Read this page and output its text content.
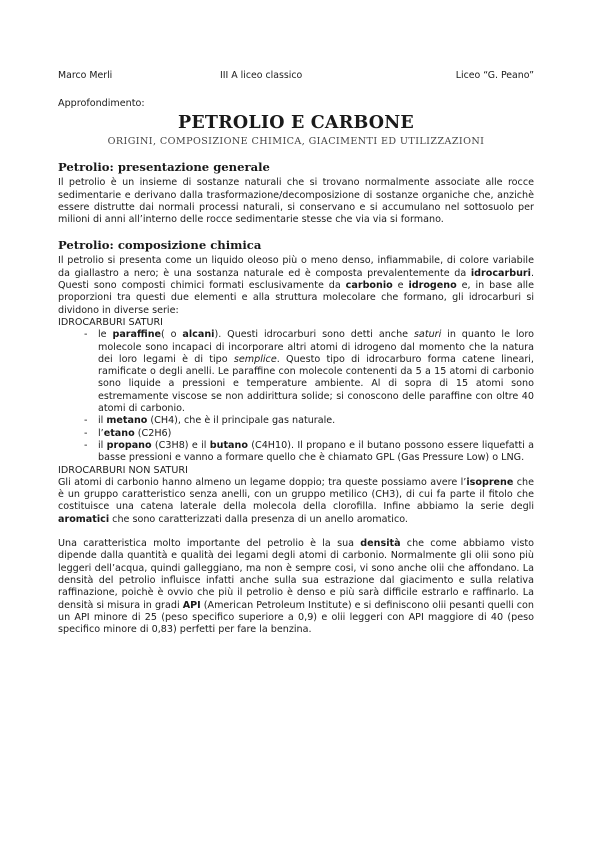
Marco Merli	III A liceo classico	Liceo “G. Peano”

Approfondimento:

PETROLIO E CARBONE
ORIGINI, COMPOSIZIONE CHIMICA, GIACIMENTI ED UTILIZZAZIONI
Petrolio: presentazione generale

Il petrolio è un insieme di sostanze naturali che si trovano normalmente associate alle rocce sedimentarie e derivano dalla trasformazione/decomposizione di sostanze organiche che, anzichè essere distrutte dai normali processi naturali, si conservano e si accumulano nel sottosuolo per milioni di anni all’interno delle rocce sedimentarie stesse che via via si formano.

Petrolio: composizione chimica

Il petrolio si presenta come un liquido oleoso più o meno denso, infiammabile, di colore variabile da giallastro a nero; è una sostanza naturale ed è composta prevalentemente da idrocarburi. Questi sono composti chimici formati esclusivamente da carbonio e idrogeno e, in base alle proporzioni tra questi due elementi e alla struttura molecolare che formano, gli idrocarburi si dividono in diverse serie:

IDROCARBURI SATURI

- le paraffine( o alcani). Questi idrocarburi sono detti anche saturi in quanto le loro molecole sono incapaci di incorporare altri atomi di idrogeno dal momento che la natura dei loro legami è di tipo semplice. Questo tipo di idrocarburo forma catene lineari, ramificate o degli anelli. Le paraffine con molecole contenenti da 5 a 15 atomi di carbonio sono liquide a pressioni e temperature ambiente. Al di sopra di 15 atomi sono estremamente viscose se non addirittura solide; si conoscono delle paraffine con oltre 40 atomi di carbonio.
- il metano (CH4), che è il principale gas naturale.
- l’etano (C2H6)
- il propano (C3H8) e il butano (C4H10). Il propano e il butano possono essere liquefatti a basse pressioni e vanno a formare quello che è chiamato GPL (Gas Pressure Low) o LNG.

IDROCARBURI NON SATURI

Gli atomi di carbonio hanno almeno un legame doppio; tra queste possiamo avere l’isoprene che è un gruppo caratteristico senza anelli, con un gruppo metilico (CH3), di cui fa parte il fitolo che costituisce una catena laterale della molecola della clorofilla. Infine abbiamo la serie degli aromatici che sono caratterizzati dalla presenza di un anello aromatico.

Una caratteristica molto importante del petrolio è la sua densità che come abbiamo visto dipende dalla quantità e qualità dei legami degli atomi di carbonio. Normalmente gli olii sono più leggeri dell’acqua, quindi galleggiano, ma non è sempre cosi, vi sono anche olii che affondano. La densità del petrolio influisce infatti anche sulla sua estrazione dal giacimento e sulla relativa raffinazione, poichè è ovvio che più il petrolio è denso e più sarà difficile estrarlo e raffinarlo. La densità si misura in gradi API (American Petroleum Institute) e si definiscono olii pesanti quelli con un API minore di 25 (peso specifico superiore a 0,9) e olii leggeri con API maggiore di 40 (peso specifico minore di 0,83) perfetti per fare la benzina.
